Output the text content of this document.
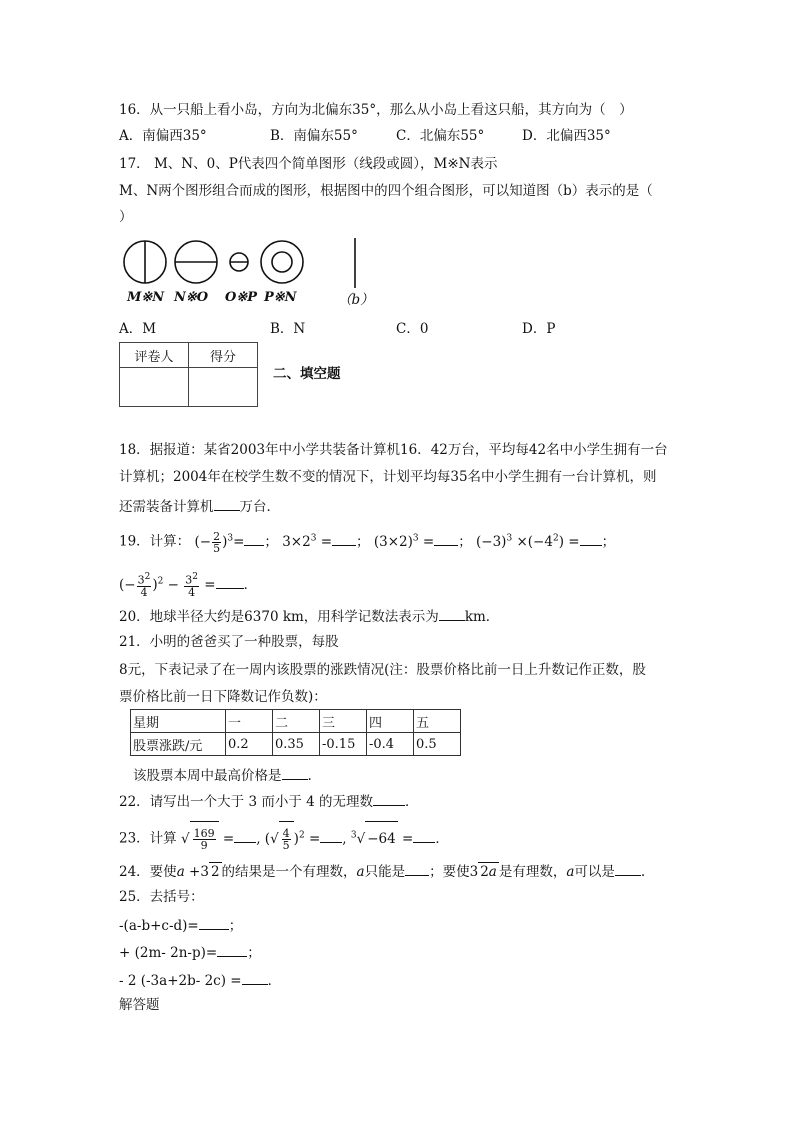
16．从一只船上看小岛，方向为北偏东35°，那么从小岛上看这只船，其方向为（　）
A．南偏西35°	B．南偏东55°	C．北偏东55°	D．北偏西35°
17． M、N、0、P代表四个简单图形（线段或圆），M※N表示
M、N两个图形组合而成的图形，根据图中的四个组合图形，可以知道图（b）表示的是（
）
M※N N※O O※P P※N	（b）
A．M	B．N	C．0	D．P
评卷人	得分

二、填空题
18．据报道：某省2003年中小学共装备计算机16．42万台，平均每42名中小学生拥有一台
计算机；2004年在校学生数不变的情况下，计划平均每35名中小学生拥有一台计算机，则
还需装备计算机 万台．
19．计算： (− $\frac{2}{5} )^3=$ ； $3\times 2^3$ = ； $(3\times 2)^3$ = ； $(-3)^3 \times(-4^2)$ = ；
(− $\frac{3^2}{4} )^2 - \frac{3^2}{4}$ = ．
20．地球半径大约是6370 km，用科学记数法表示为 km．
21．小明的爸爸买了一种股票，每股
8元，下表记录了在一周内该股票的涨跌情况(注：股票价格比前一日上升数记作正数，股
票价格比前一日下降数记作负数)：
星期	一	二	三	四	五
股票涨跌/元	0.2	0.35	-0.15	-0.4	0.5
该股票本周中最高价格是 .
22．请写出一个大于 3 而小于 4 的无理数 ．
23．计算 √ $\frac{169}{9}$ = , (√ $\frac{4}{5} )^2$ = , $^3$√ −64 = ．
24．要使a +3 2 的结果是一个有理数，a只能是 ；要使3 2a 是有理数，a可以是 .
25．去括号：
-(a-b+c-d)= ；
+ (2m- 2n-p)= ；
- 2 (-3a+2b- 2c) = ．
解答题
